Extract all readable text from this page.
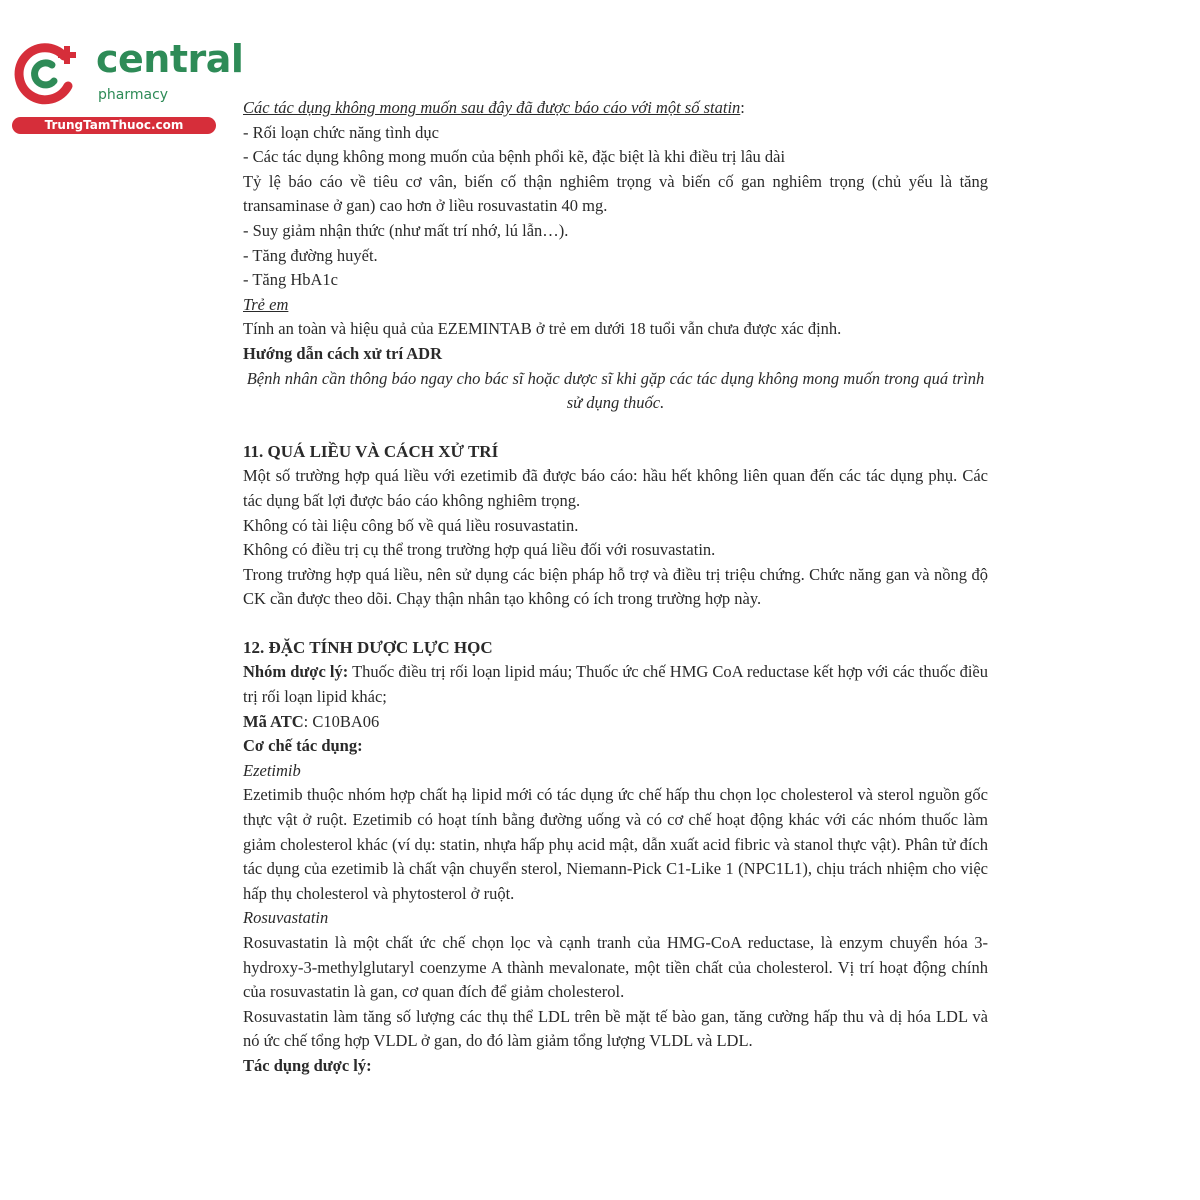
central
pharmacy
TrungTamThuoc.com

Các tác dụng không mong muốn sau đây đã được báo cáo với một số statin:

- Rối loạn chức năng tình dục

- Các tác dụng không mong muốn của bệnh phổi kẽ, đặc biệt là khi điều trị lâu dài

Tỷ lệ báo cáo về tiêu cơ vân, biến cố thận nghiêm trọng và biến cố gan nghiêm trọng (chủ yếu là tăng transaminase ở gan) cao hơn ở liều rosuvastatin 40 mg.

- Suy giảm nhận thức (như mất trí nhớ, lú lẫn…).

- Tăng đường huyết.

- Tăng HbA1c

Trẻ em

Tính an toàn và hiệu quả của EZEMINTAB ở trẻ em dưới 18 tuổi vẫn chưa được xác định.

Hướng dẫn cách xử trí ADR

Bệnh nhân cần thông báo ngay cho bác sĩ hoặc dược sĩ khi gặp các tác dụng không mong muốn trong quá trình sử dụng thuốc.

11. QUÁ LIỀU VÀ CÁCH XỬ TRÍ

Một số trường hợp quá liều với ezetimib đã được báo cáo: hầu hết không liên quan đến các tác dụng phụ. Các tác dụng bất lợi được báo cáo không nghiêm trọng.

Không có tài liệu công bố về quá liều rosuvastatin.

Không có điều trị cụ thể trong trường hợp quá liều đối với rosuvastatin.

Trong trường hợp quá liều, nên sử dụng các biện pháp hỗ trợ và điều trị triệu chứng. Chức năng gan và nồng độ CK cần được theo dõi. Chạy thận nhân tạo không có ích trong trường hợp này.

12. ĐẶC TÍNH DƯỢC LỰC HỌC

Nhóm dược lý: Thuốc điều trị rối loạn lipid máu; Thuốc ức chế HMG CoA reductase kết hợp với các thuốc điều trị rối loạn lipid khác;

Mã ATC: C10BA06

Cơ chế tác dụng:

Ezetimib

Ezetimib thuộc nhóm hợp chất hạ lipid mới có tác dụng ức chế hấp thu chọn lọc cholesterol và sterol nguồn gốc thực vật ở ruột. Ezetimib có hoạt tính bằng đường uống và có cơ chế hoạt động khác với các nhóm thuốc làm giảm cholesterol khác (ví dụ: statin, nhựa hấp phụ acid mật, dẫn xuất acid fibric và stanol thực vật). Phân tử đích tác dụng của ezetimib là chất vận chuyển sterol, Niemann-Pick C1-Like 1 (NPC1L1), chịu trách nhiệm cho việc hấp thụ cholesterol và phytosterol ở ruột.

Rosuvastatin

Rosuvastatin là một chất ức chế chọn lọc và cạnh tranh của HMG-CoA reductase, là enzym chuyển hóa 3-hydroxy-3-methylglutaryl coenzyme A thành mevalonate, một tiền chất của cholesterol. Vị trí hoạt động chính của rosuvastatin là gan, cơ quan đích để giảm cholesterol.

Rosuvastatin làm tăng số lượng các thụ thể LDL trên bề mặt tế bào gan, tăng cường hấp thu và dị hóa LDL và nó ức chế tổng hợp VLDL ở gan, do đó làm giảm tổng lượng VLDL và LDL.

Tác dụng dược lý:
